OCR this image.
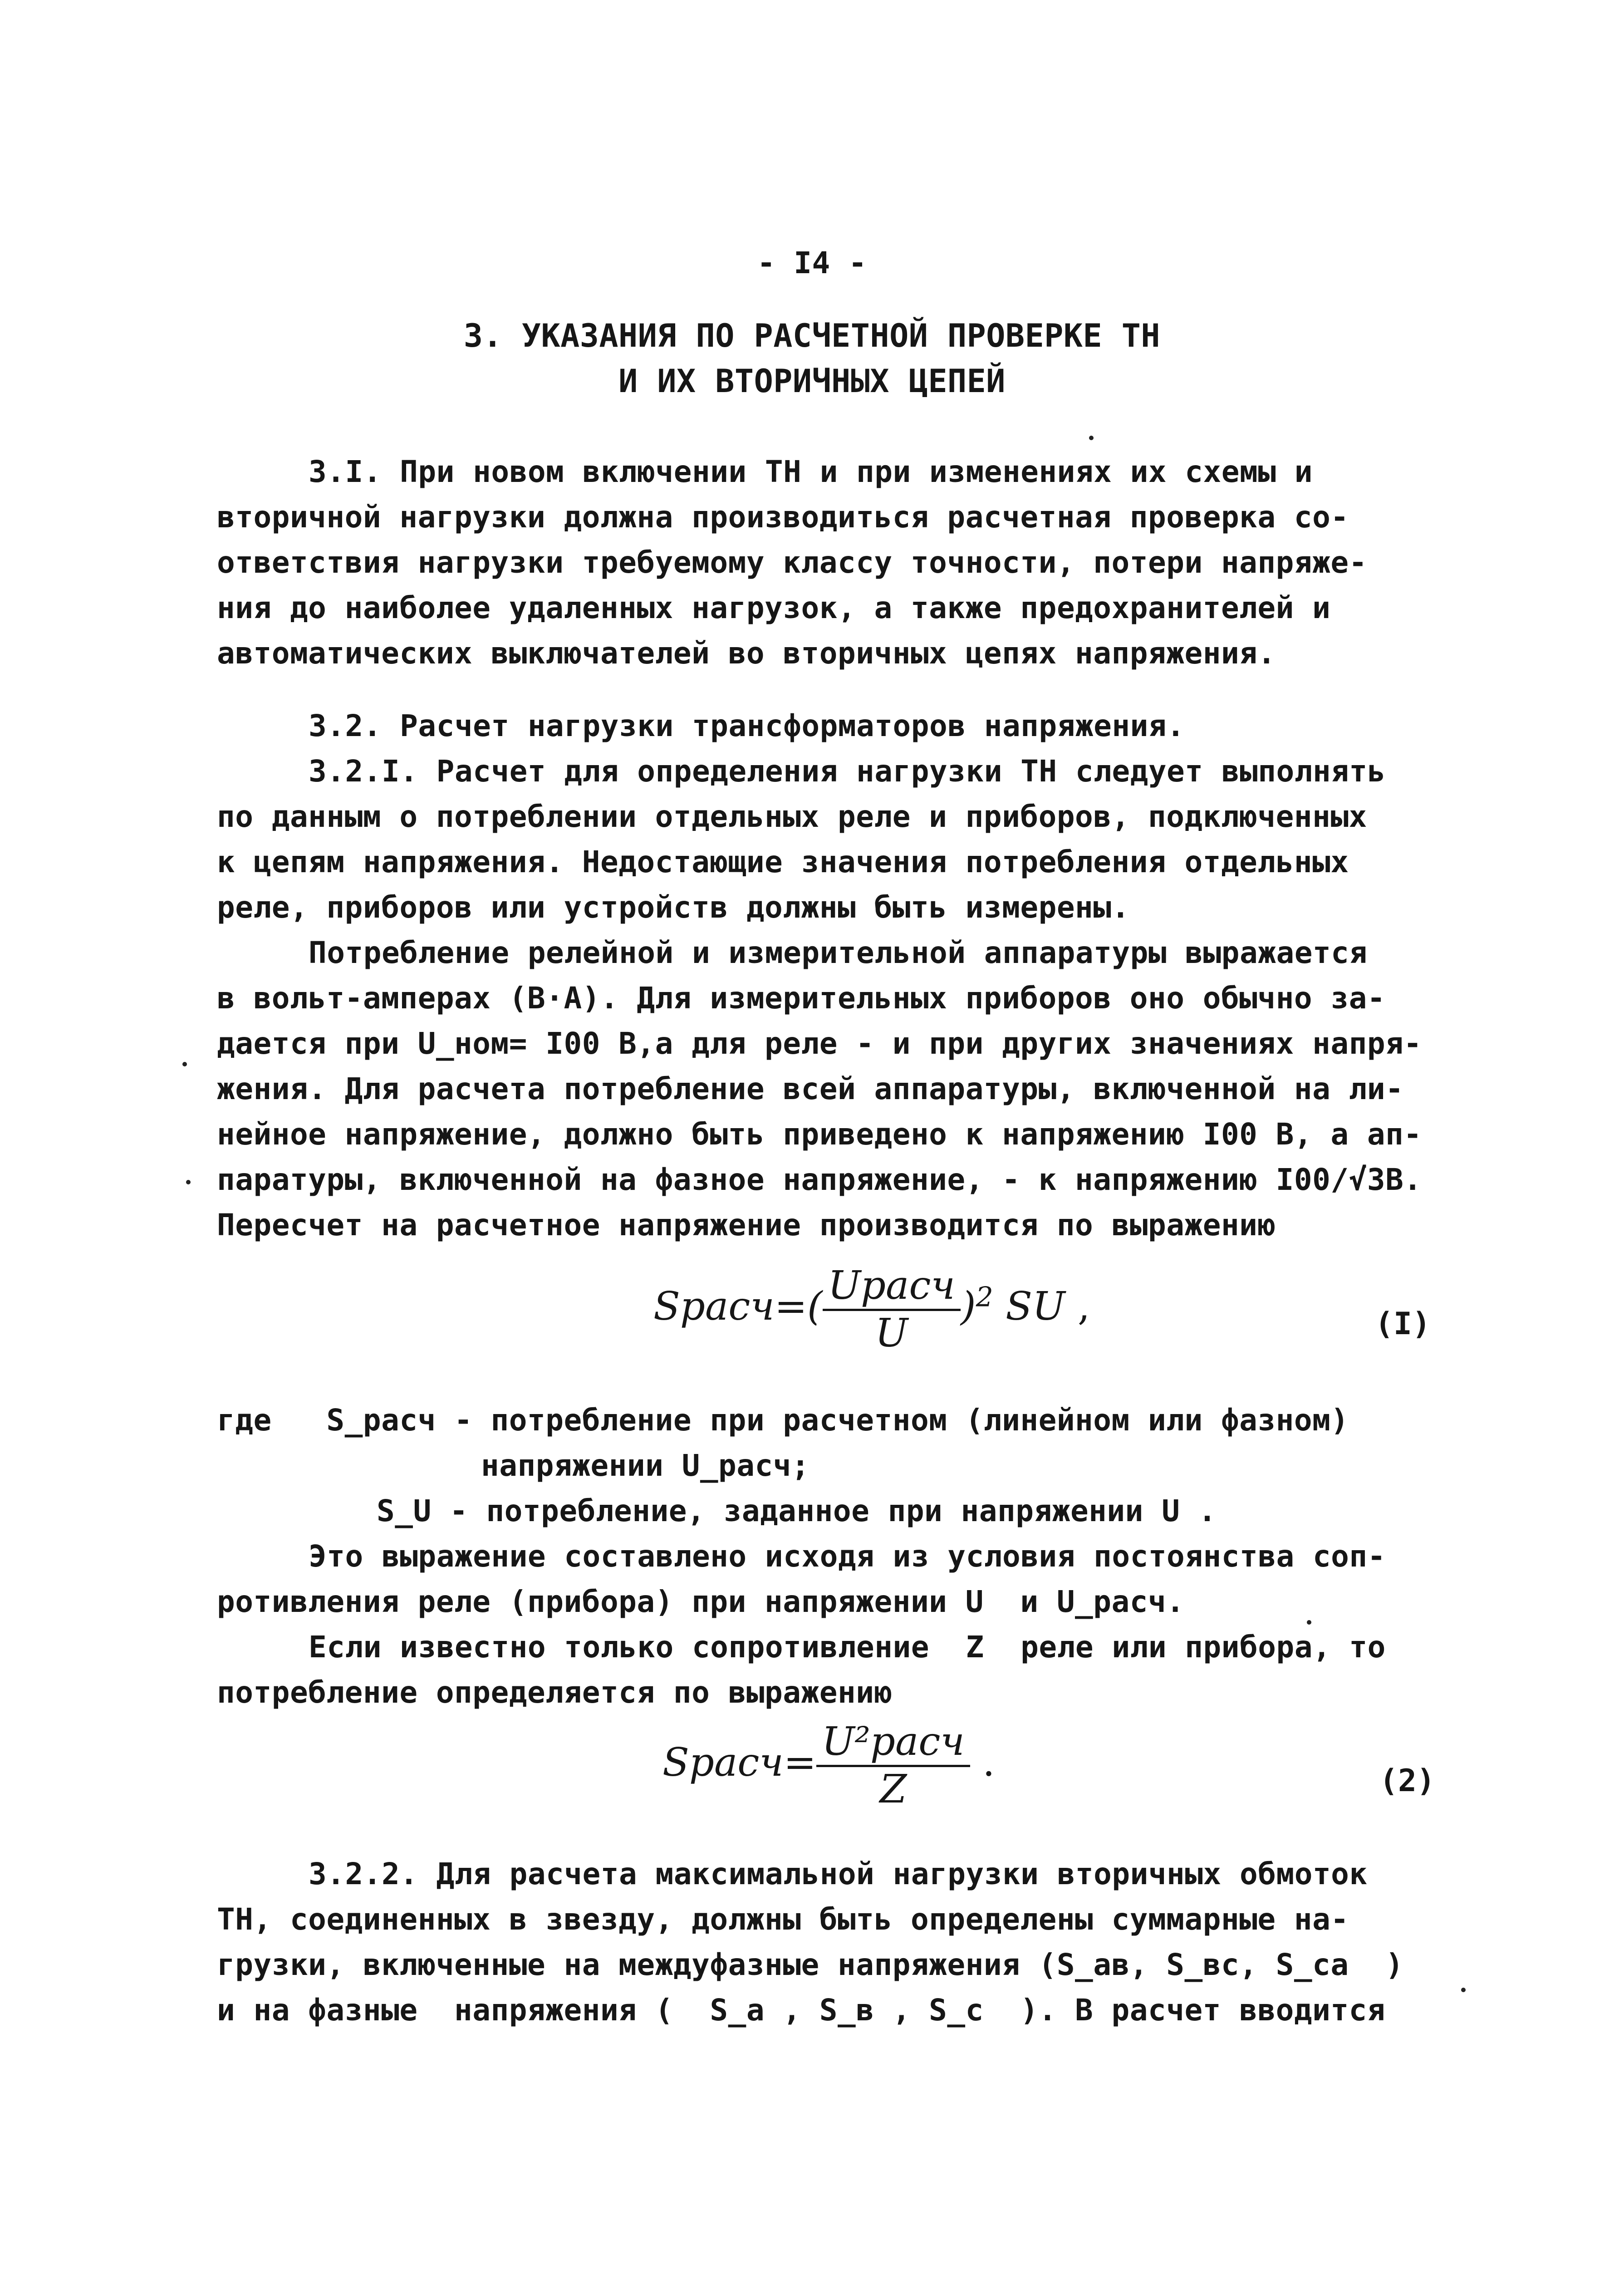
- I4 -
3. УКАЗАНИЯ ПО РАСЧЕТНОЙ ПРОВЕРКЕ ТН
И ИХ ВТОРИЧНЫХ ЦЕПЕЙ
3.I. При новом включении ТН и при изменениях их схемы и
вторичной нагрузки должна производиться расчетная проверка со-
ответствия нагрузки требуемому классу точности, потери напряже-
ния до наиболее удаленных нагрузок, а также предохранителей и
автоматических выключателей во вторичных цепях напряжения.
3.2. Расчет нагрузки трансформаторов напряжения.
3.2.I. Расчет для определения нагрузки ТН следует выполнять
по данным о потреблении отдельных реле и приборов, подключенных
к цепям напряжения. Недостающие значения потребления отдельных
реле, приборов или устройств должны быть измерены.
Потребление релейной и измерительной аппаратуры выражается
в вольт-амперах (В·А). Для измерительных приборов оно обычно за-
дается при U_ном= I00 В,а для реле - и при других значениях напря-
жения. Для расчета потребление всей аппаратуры, включенной на ли-
нейное напряжение, должно быть приведено к напряжению I00 В, а ап-
паратуры, включенной на фазное напряжение, - к напряжению I00/√3В.
Пересчет на расчетное напряжение производится по выражению
Sрасч=( $\frac{\text{Uрасч}}{U} )^2$ SU ,	(I)
где   S_расч - потребление при расчетном (линейном или фазном)
напряжении U_расч;
S_U - потребление, заданное при напряжении U .
Это выражение составлено исходя из условия постоянства соп-
ротивления реле (прибора) при напряжении U  и U_расч.
Если известно только сопротивление  Z  реле или прибора, то
потребление определяется по выражению
Sрасч= $\frac{\text{U²расч}}{Z}$ .	(2)
3.2.2. Для расчета максимальной нагрузки вторичных обмоток
ТН, соединенных в звезду, должны быть определены суммарные на-
грузки, включенные на междуфазные напряжения (S_ав, S_вс, S_са  )
и на фазные  напряжения (  S_а , S_в , S_с  ). В расчет вводится
